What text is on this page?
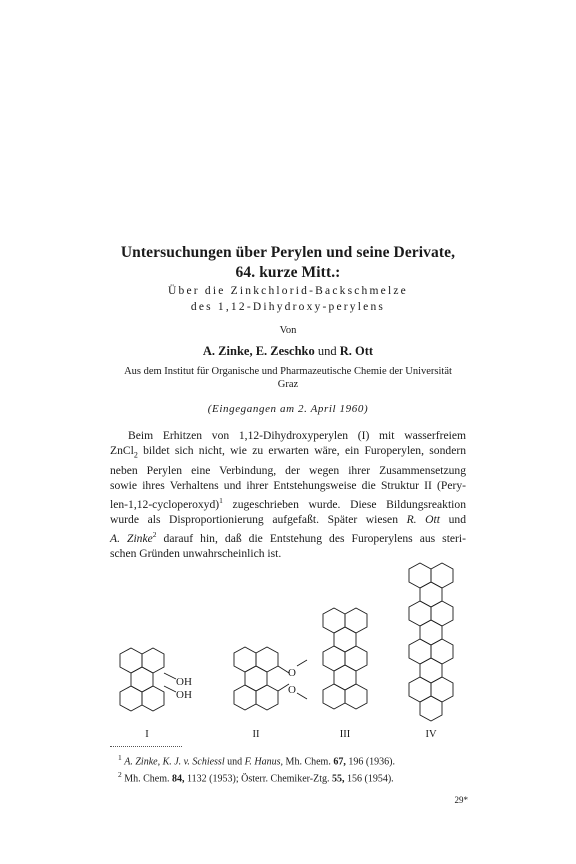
Untersuchungen über Perylen und seine Derivate,
64. kurze Mitt.:
Über die Zinkchlorid-Backschmelze
des 1,12-Dihydroxy-perylens
Von
A. Zinke, E. Zeschko und R. Ott
Aus dem Institut für Organische und Pharmazeutische Chemie der Universität
Graz
(Eingegangen am 2. April 1960)
Beim Erhitzen von 1,12-Dihydroxyperylen (I) mit wasserfreiem
ZnCl$_2$ bildet sich nicht, wie zu erwarten wäre, ein Furoperylen, sondern
neben Perylen eine Verbindung, der wegen ihrer Zusammensetzung
sowie ihres Verhaltens und ihrer Entstehungsweise die Struktur II (Pery-
len-1,12-cycloperoxyd)$^1$ zugeschrieben wurde. Diese Bildungsreaktion
wurde als Disproportionierung aufgefaßt. Später wiesen R. Ott und
A. Zinke$^2$ darauf hin, daß die Entstehung des Furoperylens aus steri-
schen Gründen unwahrscheinlich ist.
OH
OH
O
O
I	II	III	IV
$^1$ A. Zinke, K. J. v. Schiessl und F. Hanus, Mh. Chem. 67, 196 (1936).
$^2$ Mh. Chem. 84, 1132 (1953); Österr. Chemiker-Ztg. 55, 156 (1954).
29*
